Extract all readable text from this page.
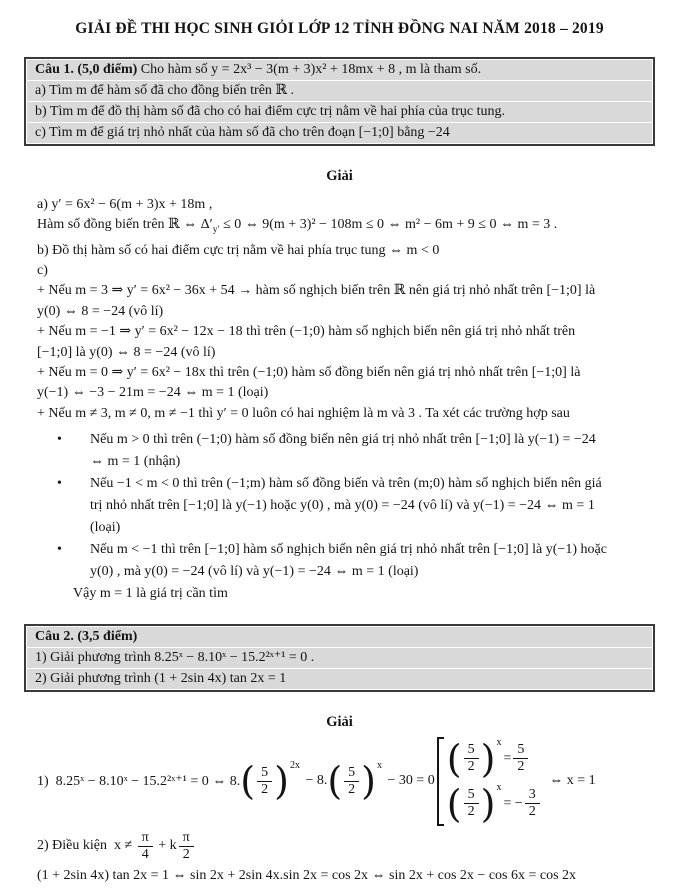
GIẢI ĐỀ THI HỌC SINH GIỎI LỚP 12 TỈNH ĐỒNG NAI NĂM 2018 – 2019
Câu 1. (5,0 điểm) Cho hàm số y = 2x³ − 3(m + 3)x² + 18mx + 8 , m là tham số.
a) Tìm m để hàm số đã cho đồng biến trên ℝ .
b) Tìm m để đồ thị hàm số đã cho có hai điểm cực trị nằm về hai phía của trục tung.
c) Tìm m để giá trị nhỏ nhất của hàm số đã cho trên đoạn [−1;0] bằng −24
Giải

a) y′ = 6x² − 6(m + 3)x + 18m ,

Hàm số đồng biến trên ℝ ⇔ $\Delta'_{y'} \le 0$ ⇔ 9(m + 3)² − 108m ≤ 0 ⇔ m² − 6m + 9 ≤ 0 ⇔ m = 3 .

b) Đồ thị hàm số có hai điểm cực trị nằm về hai phía trục tung ⇔ m < 0

c)

+ Nếu m = 3 ⇒ y′ = 6x² − 36x + 54 → hàm số nghịch biến trên ℝ nên giá trị nhỏ nhất trên [−1;0] là
y(0) ⇔ 8 = −24 (vô lí)

+ Nếu m = −1 ⇒ y′ = 6x² − 12x − 18 thì trên (−1;0) hàm số nghịch biến nên giá trị nhỏ nhất trên
[−1;0] là y(0) ⇔ 8 = −24 (vô lí)

+ Nếu m = 0 ⇒ y′ = 6x² − 18x thì trên (−1;0) hàm số đồng biến nên giá trị nhỏ nhất trên [−1;0] là
y(−1) ⇔ −3 − 21m = −24 ⇔ m = 1 (loại)

+ Nếu m ≠ 3, m ≠ 0, m ≠ −1 thì y′ = 0 luôn có hai nghiệm là m và 3 . Ta xét các trường hợp sau

• Nếu m > 0 thì trên (−1;0) hàm số đồng biến nên giá trị nhỏ nhất trên [−1;0] là y(−1) = −24
⇔ m = 1 (nhận)
• Nếu −1 < m < 0 thì trên (−1;m) hàm số đồng biến và trên (m;0) hàm số nghịch biến nên giá
trị nhỏ nhất trên [−1;0] là y(−1) hoặc y(0) , mà y(0) = −24 (vô lí) và y(−1) = −24 ⇔ m = 1
(loại)
• Nếu m < −1 thì trên [−1;0] hàm số nghịch biến nên giá trị nhỏ nhất trên [−1;0] là y(−1) hoặc
y(0) , mà y(0) = −24 (vô lí) và y(−1) = −24 ⇔ m = 1 (loại)

Vậy m = 1 là giá trị cần tìm

Câu 2. (3,5 điểm)
1) Giải phương trình 8.25ˣ − 8.10ˣ − 15.2²ˣ⁺¹ = 0 .
2) Giải phương trình (1 + 2sin 4x) tan 2x = 1
Giải
1)  8.25ˣ − 8.10ˣ − 15.2²ˣ⁺¹ = 0 ⇔ 8. ( $\frac{5}{2} )^{2x}$
− 8. ( $\frac{5}{2} )^x$
− 30 = 0 ( $\frac{5}{2} )^x$
= $\frac{5}{2}$
( $\frac{5}{2} )^x$
= − $\frac{3}{2}$
⇔ x = 1
2) Điều kiện  $x \ne \frac{\pi}{4} + k \frac{\pi}{2}$

(1 + 2sin 4x) tan 2x = 1 ⇔ sin 2x + 2sin 4x.sin 2x = cos 2x ⇔ sin 2x + cos 2x − cos 6x = cos 2x
